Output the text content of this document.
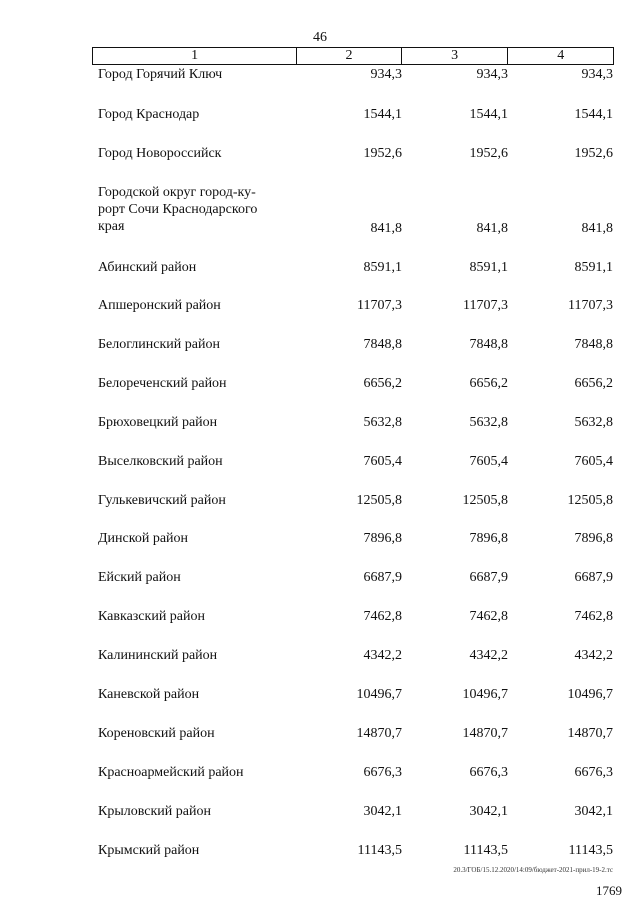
46
1	2	3	4
Город Горячий Ключ	934,3	934,3	934,3
Город Краснодар	1544,1	1544,1	1544,1
Город Новороссийск	1952,6	1952,6	1952,6
Городской округ город-ку-
рорт Сочи Краснодарского
края	841,8	841,8	841,8
Абинский район	8591,1	8591,1	8591,1
Апшеронский район	11707,3	11707,3	11707,3
Белоглинский район	7848,8	7848,8	7848,8
Белореченский район	6656,2	6656,2	6656,2
Брюховецкий район	5632,8	5632,8	5632,8
Выселковский район	7605,4	7605,4	7605,4
Гулькевичский район	12505,8	12505,8	12505,8
Динской район	7896,8	7896,8	7896,8
Ейский район	6687,9	6687,9	6687,9
Кавказский район	7462,8	7462,8	7462,8
Калининский район	4342,2	4342,2	4342,2
Каневской район	10496,7	10496,7	10496,7
Кореновский район	14870,7	14870,7	14870,7
Красноармейский район	6676,3	6676,3	6676,3
Крыловский район	3042,1	3042,1	3042,1
Крымский район	11143,5	11143,5	11143,5
20.3/ГОБ/15.12.2020/14:09/бюджет-2021-прил-19-2.тс
1769
